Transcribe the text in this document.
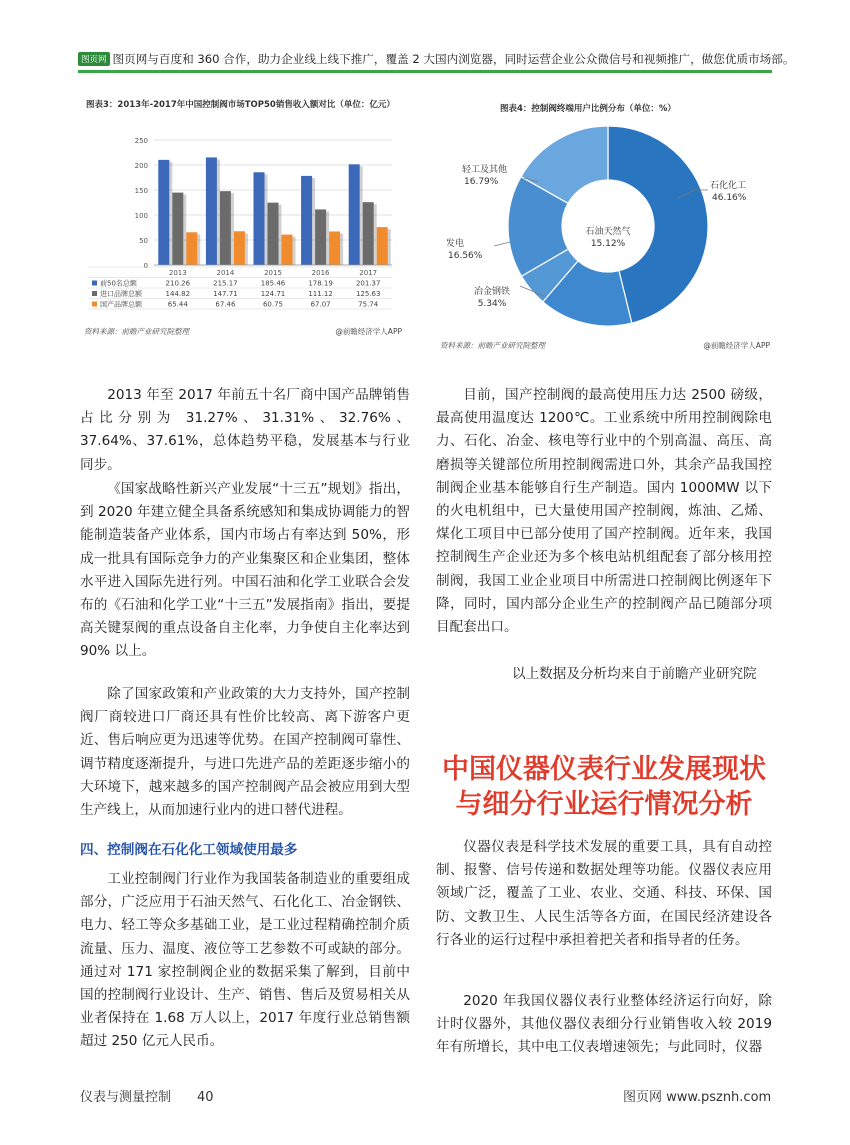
图页网 图页网与百度和 360 合作，助力企业线上线下推广，覆盖 2 大国内浏览器，同时运营企业公众微信号和视频推广，做您优质市场部。
图表3：2013年-2017年中国控制阀市场TOP50销售收入额对比（单位：亿元）
0
50
100
150
200
250
2013	2014	2015	2016	2017
前50名总额	210.26	215.17	185.46	178.19	201.37
进口品牌总额	144.82	147.71	124.71	111.12	125.63
国产品牌总额	65.44	67.46	60.75	67.07	75.74
资料来源：前瞻产业研究院整理	@前瞻经济学人APP
图表4：控制阀终端用户比例分布（单位：%）
石化化工
46.16%
石油天然气
15.12%
冶金钢铁
5.34%
发电
16.56%
轻工及其他
16.79%
资料来源：前瞻产业研究院整理	@前瞻经济学人APP

2013 年至 2017 年前五十名厂商中国产品牌销售占比分别为 31.27%、31.31%、32.76%、37.64%、37.61%，总体趋势平稳，发展基本与行业同步。

《国家战略性新兴产业发展“十三五”规划》指出，到 2020 年建立健全具备系统感知和集成协调能力的智能制造装备产业体系，国内市场占有率达到 50%，形成一批具有国际竞争力的产业集聚区和企业集团，整体水平进入国际先进行列。中国石油和化学工业联合会发布的《石油和化学工业“十三五”发展指南》指出，要提高关键泵阀的重点设备自主化率，力争使自主化率达到 90% 以上。

除了国家政策和产业政策的大力支持外，国产控制阀厂商较进口厂商还具有性价比较高、离下游客户更近、售后响应更为迅速等优势。在国产控制阀可靠性、调节精度逐渐提升，与进口先进产品的差距逐步缩小的大环境下，越来越多的国产控制阀产品会被应用到大型生产线上，从而加速行业内的进口替代进程。

四、控制阀在石化化工领域使用最多

工业控制阀门行业作为我国装备制造业的重要组成部分，广泛应用于石油天然气、石化化工、冶金钢铁、电力、轻工等众多基础工业，是工业过程精确控制介质流量、压力、温度、液位等工艺参数不可或缺的部分。通过对 171 家控制阀企业的数据采集了解到，目前中国的控制阀行业设计、生产、销售、售后及贸易相关从业者保持在 1.68 万人以上，2017 年度行业总销售额超过 250 亿元人民币。

目前，国产控制阀的最高使用压力达 2500 磅级，最高使用温度达 1200℃。工业系统中所用控制阀除电力、石化、冶金、核电等行业中的个别高温、高压、高磨损等关键部位所用控制阀需进口外，其余产品我国控制阀企业基本能够自行生产制造。国内 1000MW 以下的火电机组中，已大量使用国产控制阀，炼油、乙烯、煤化工项目中已部分使用了国产控制阀。近年来，我国控制阀生产企业还为多个核电站机组配套了部分核用控制阀，我国工业企业项目中所需进口控制阀比例逐年下降，同时，国内部分企业生产的控制阀产品已随部分项目配套出口。

以上数据及分析均来自于前瞻产业研究院
中国仪器仪表行业发展现状与细分行业运行情况分析

仪器仪表是科学技术发展的重要工具，具有自动控制、报警、信号传递和数据处理等功能。仪器仪表应用领域广泛，覆盖了工业、农业、交通、科技、环保、国防、文教卫生、人民生活等各方面，在国民经济建设各行各业的运行过程中承担着把关者和指导者的任务。

2020 年我国仪器仪表行业整体经济运行向好，除计时仪器外，其他仪器仪表细分行业销售收入较 2019 年有所增长，其中电工仪表增速领先；与此同时，仪器

仪表与测量控制　　40	图页网 www.psznh.com
